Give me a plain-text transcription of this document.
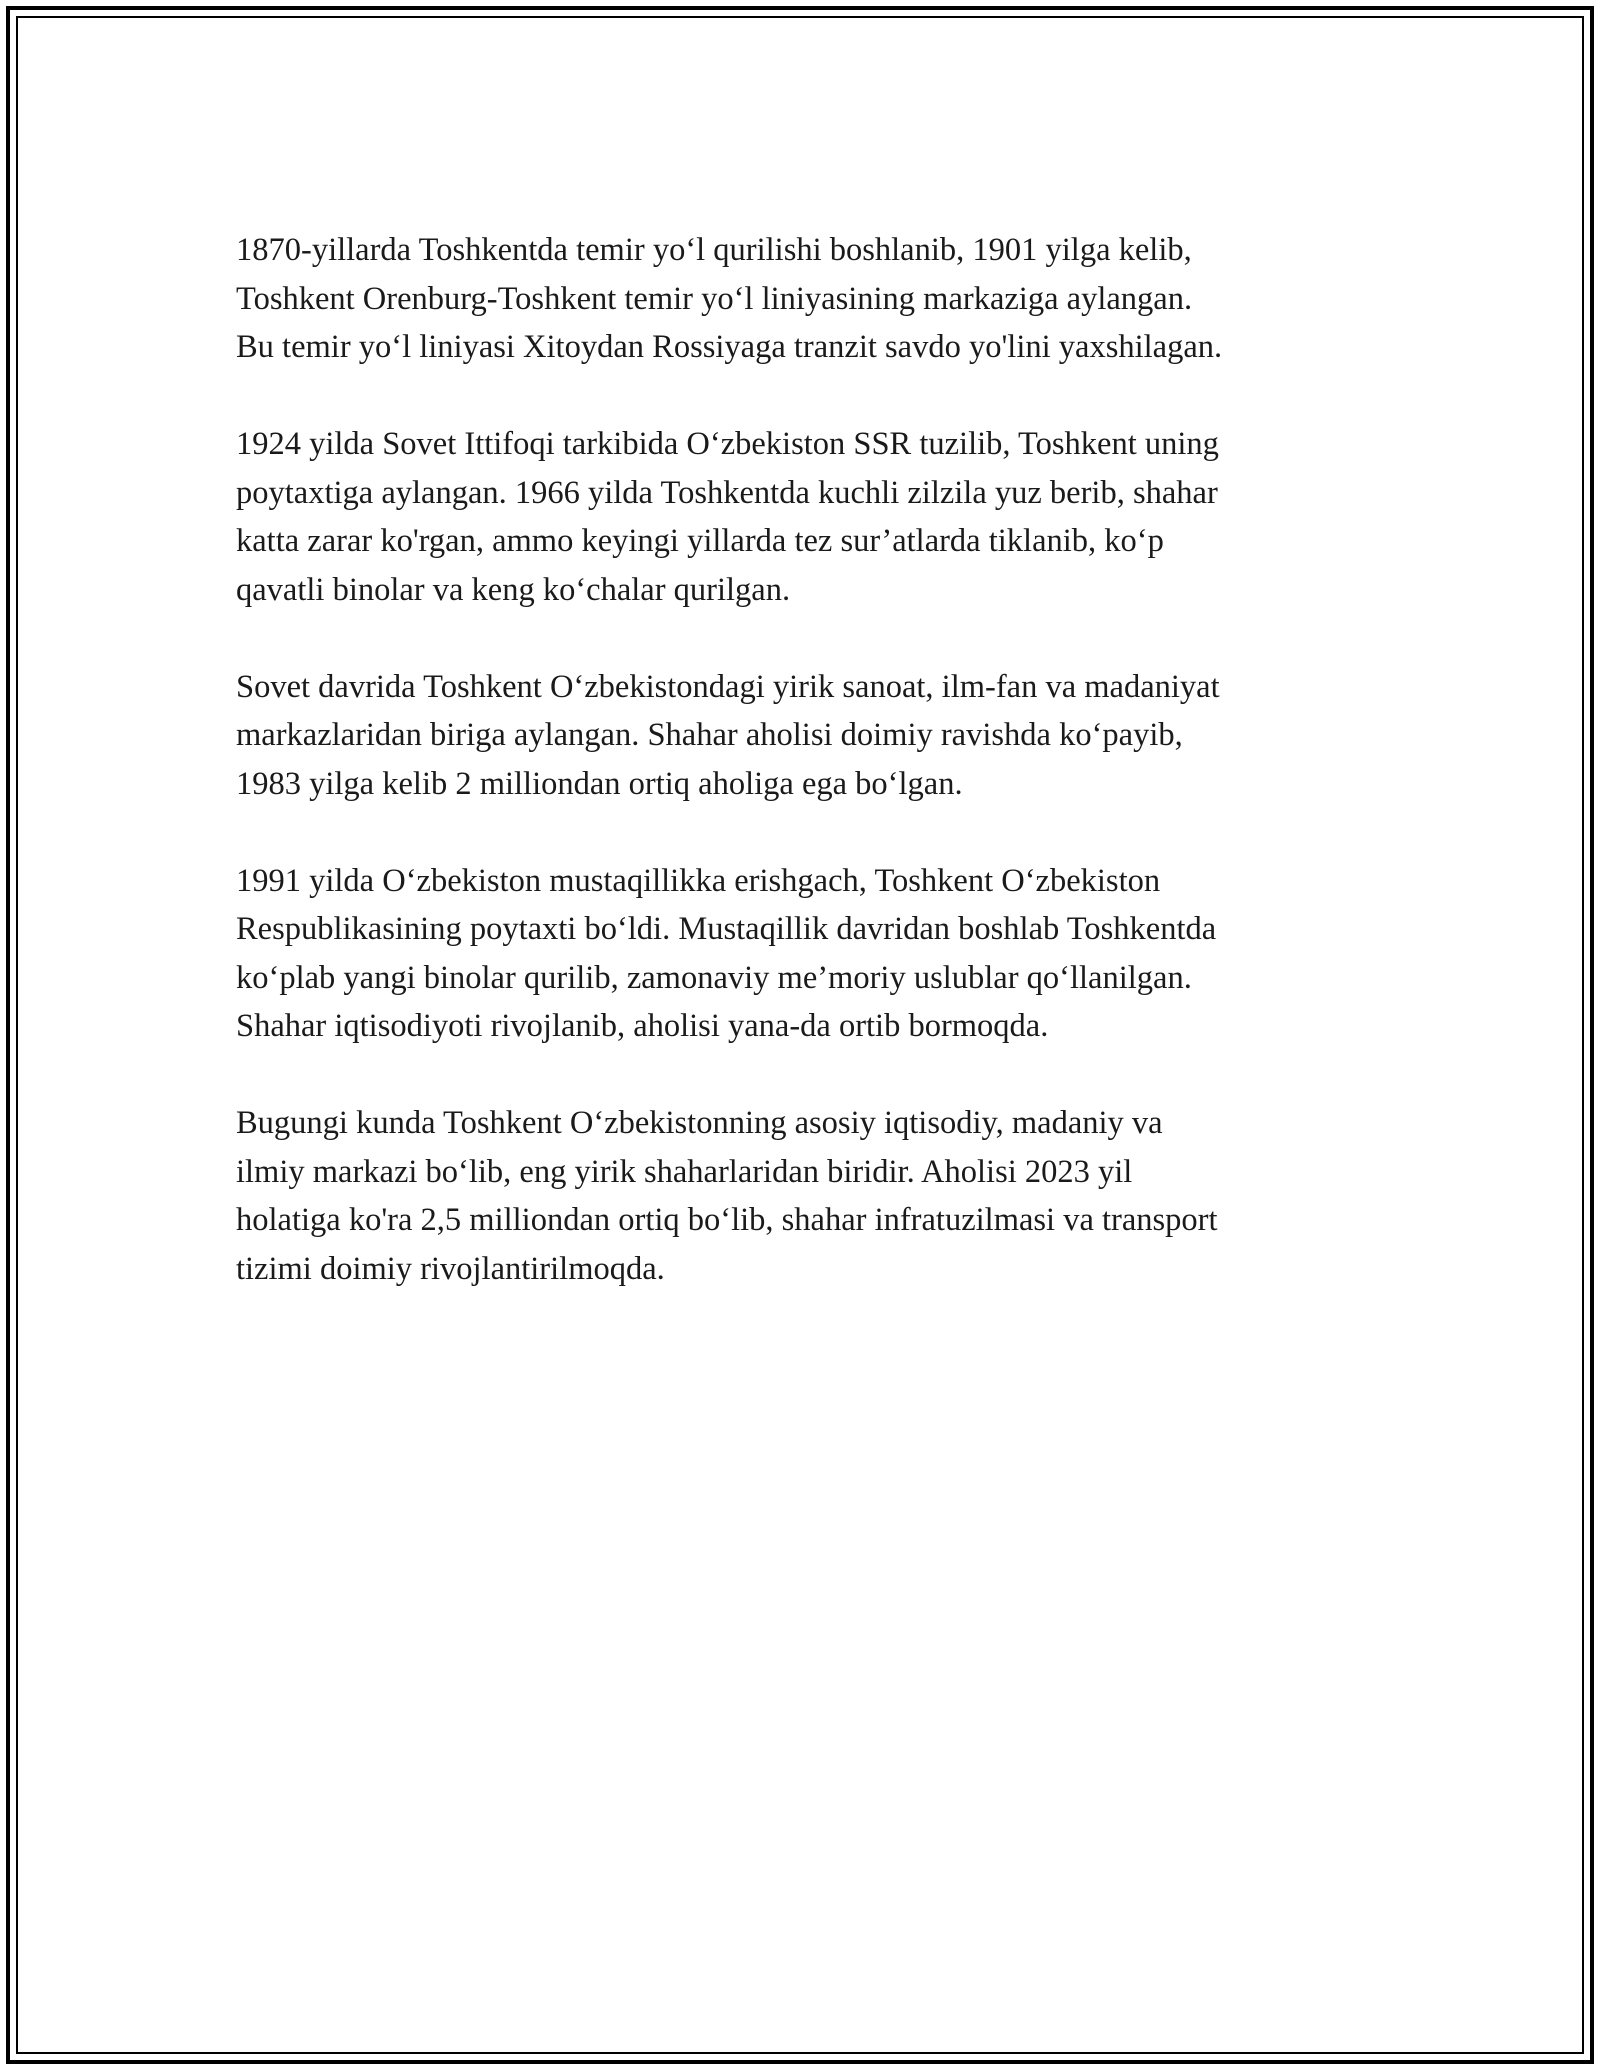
1870-yillarda Toshkentda temir yo‘l qurilishi boshlanib, 1901 yilga kelib,
Toshkent Orenburg-Toshkent temir yo‘l liniyasining markaziga aylangan.
Bu temir yo‘l liniyasi Xitoydan Rossiyaga tranzit savdo yo'lini yaxshilagan.

1924 yilda Sovet Ittifoqi tarkibida O‘zbekiston SSR tuzilib, Toshkent uning
poytaxtiga aylangan. 1966 yilda Toshkentda kuchli zilzila yuz berib, shahar
katta zarar ko'rgan, ammo keyingi yillarda tez sur’atlarda tiklanib, ko‘p
qavatli binolar va keng ko‘chalar qurilgan.

Sovet davrida Toshkent O‘zbekistondagi yirik sanoat, ilm-fan va madaniyat
markazlaridan biriga aylangan. Shahar aholisi doimiy ravishda ko‘payib,
1983 yilga kelib 2 milliondan ortiq aholiga ega bo‘lgan.

1991 yilda O‘zbekiston mustaqillikka erishgach, Toshkent O‘zbekiston
Respublikasining poytaxti bo‘ldi. Mustaqillik davridan boshlab Toshkentda
ko‘plab yangi binolar qurilib, zamonaviy me’moriy uslublar qo‘llanilgan.
Shahar iqtisodiyoti rivojlanib, aholisi yana-da ortib bormoqda.

Bugungi kunda Toshkent O‘zbekistonning asosiy iqtisodiy, madaniy va
ilmiy markazi bo‘lib, eng yirik shaharlaridan biridir. Aholisi 2023 yil
holatiga ko'ra 2,5 milliondan ortiq bo‘lib, shahar infratuzilmasi va transport
tizimi doimiy rivojlantirilmoqda.
